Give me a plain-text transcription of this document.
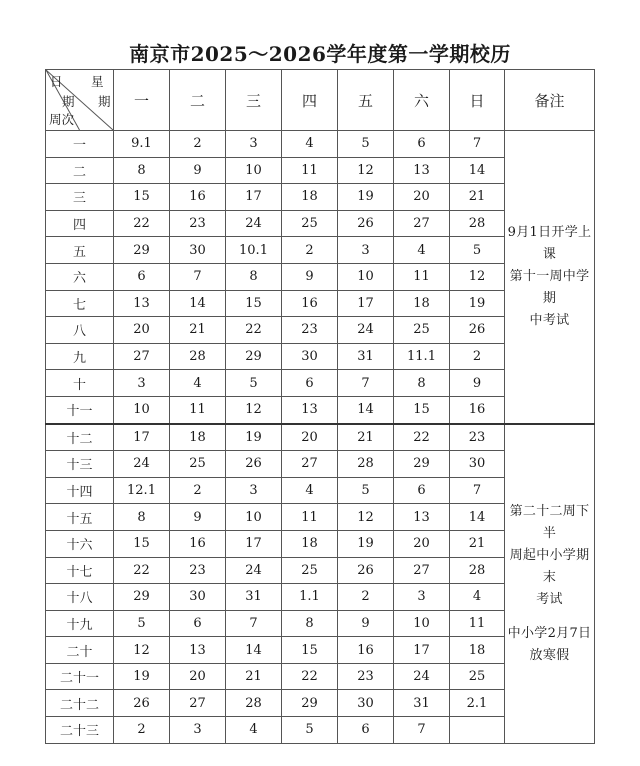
南京市2025～2026学年度第一学期校历
星
期
日
期
周次	一	二	三	四	五	六	日	备注
一	9.1	2	3	4	5	6	7	9月1日开学上课

第十一周中学期

中考试

二	8	9	10	11	12	13	14	
三	15	16	17	18	19	20	21	
四	22	23	24	25	26	27	28	
五	29	30	10.1	2	3	4	5	
六	6	7	8	9	10	11	12	
七	13	14	15	16	17	18	19	
八	20	21	22	23	24	25	26	
九	27	28	29	30	31	11.1	2	
十	3	4	5	6	7	8	9	
十一	10	11	12	13	14	15	16	
十二	17	18	19	20	21	22	23	第二十二周下半

周起中小学期末

考试

中小学2月7日

放寒假

十三	24	25	26	27	28	29	30	
十四	12.1	2	3	4	5	6	7	
十五	8	9	10	11	12	13	14	
十六	15	16	17	18	19	20	21	
十七	22	23	24	25	26	27	28	
十八	29	30	31	1.1	2	3	4	
十九	5	6	7	8	9	10	11	
二十	12	13	14	15	16	17	18	
二十一	19	20	21	22	23	24	25	
二十二	26	27	28	29	30	31	2.1	
二十三	2	3	4	5	6	7		
